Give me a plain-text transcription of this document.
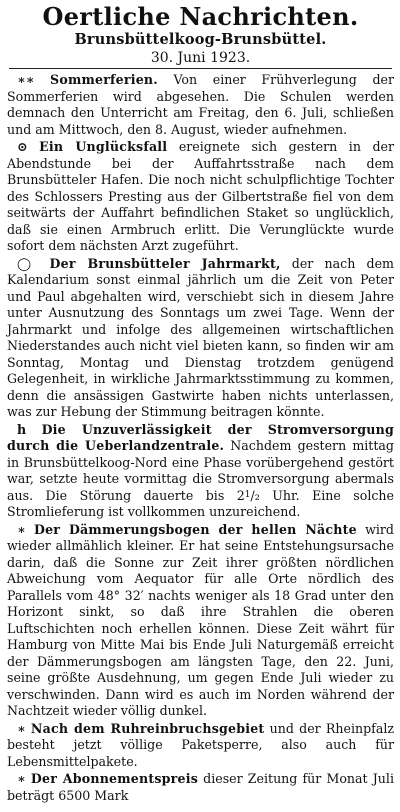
Oertliche Nachrichten.
Brunsbüttelkoog-Brunsbüttel.
30. Juni 1923.

∗∗ Sommerferien. Von einer Frühverlegung der Sommerferien wird abgesehen. Die Schulen werden demnach den Unterricht am Freitag, den 6. Juli, schließen und am Mittwoch, den 8. August, wieder aufnehmen.

⊙ Ein Unglücksfall ereignete sich gestern in der Abendstunde bei der Auffahrtsstraße nach dem Brunsbütteler Hafen. Die noch nicht schulpflichtige Tochter des Schlossers Presting aus der Gilbertstraße fiel von dem seitwärts der Auffahrt befindlichen Staket so unglücklich, daß sie einen Armbruch erlitt. Die Verunglückte wurde sofort dem nächsten Arzt zugeführt.

◯ Der Brunsbütteler Jahrmarkt, der nach dem Kalendarium sonst einmal jährlich um die Zeit von Peter und Paul abgehalten wird, verschiebt sich in diesem Jahre unter Ausnutzung des Sonntags um zwei Tage. Wenn der Jahrmarkt und infolge des allgemeinen wirtschaftlichen Niederstandes auch nicht viel bieten kann, so finden wir am Sonntag, Montag und Dienstag trotzdem genügend Gelegenheit, in wirkliche Jahrmarktsstimmung zu kommen, denn die ansässigen Gastwirte haben nichts unterlassen, was zur Hebung der Stimmung beitragen könnte.

h Die Unzuverlässigkeit der Stromversorgung durch die Ueberlandzentrale. Nachdem gestern mittag in Brunsbüttelkoog-Nord eine Phase vorübergehend gestört war, setzte heute vormittag die Stromversorgung abermals aus. Die Störung dauerte bis $2^1/_2$ Uhr. Eine solche Stromlieferung ist vollkommen unzureichend.

∗ Der Dämmerungsbogen der hellen Nächte wird wieder allmählich kleiner. Er hat seine Entstehungsursache darin, daß die Sonne zur Zeit ihrer größten nördlichen Abweichung vom Aequator für alle Orte nördlich des Parallels vom 48° 32′ nachts weniger als 18 Grad unter den Horizont sinkt, so daß ihre Strahlen die oberen Luftschichten noch erhellen können. Diese Zeit währt für Hamburg von Mitte Mai bis Ende Juli Naturgemäß erreicht der Dämmerungsbogen am längsten Tage, den 22. Juni, seine größte Ausdehnung, um gegen Ende Juli wieder zu verschwinden. Dann wird es auch im Norden während der Nachtzeit wieder völlig dunkel.

∗ Nach dem Ruhreinbruchsgebiet und der Rheinpfalz besteht jetzt völlige Paketsperre, also auch für Lebensmittelpakete.

∗ Der Abonnementspreis dieser Zeitung für Monat Juli beträgt 6500 Mark
